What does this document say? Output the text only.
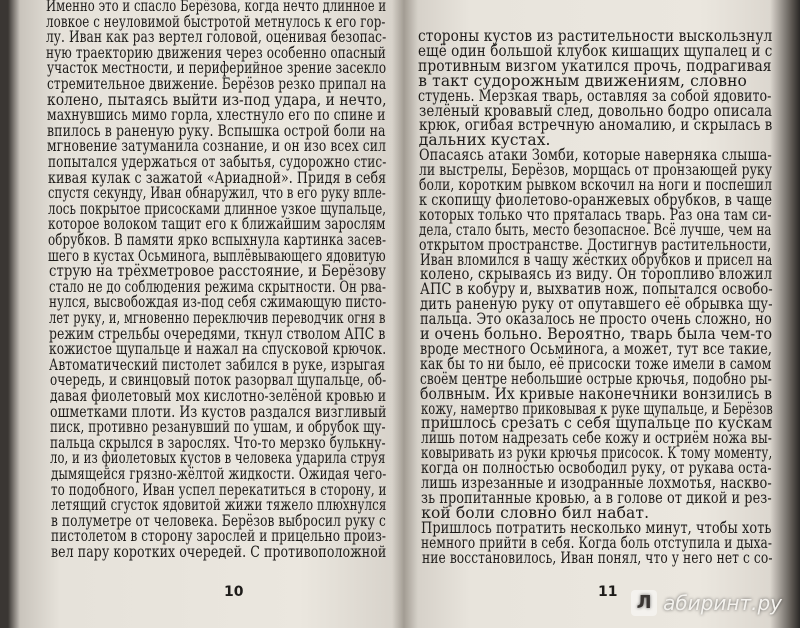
Именно это и спасло Берёзова, когда нечто длинное и
ловкое с неуловимой быстротой метнулось к его гор-
лу. Иван как раз вертел головой, оценивая безопас-
ную траекторию движения через особенно опасный
участок местности, и периферийное зрение засекло
стремительное движение. Берёзов резко припал на
колено, пытаясь выйти из-под удара, и нечто,
махнувшись мимо горла, хлестнуло его по спине и
впилось в раненую руку. Вспышка острой боли на
мгновение затуманила сознание, и он изо всех сил
попытался удержаться от забытья, судорожно стис-
кивая кулак с зажатой «Ариадной». Придя в себя
спустя секунду, Иван обнаружил, что в его руку впле-
лось покрытое присосками длинное узкое щупальце,
которое волоком тащит его к ближайшим зарослям
обрубков. В памяти ярко вспыхнула картинка засев-
шего в кустах Осьминога, выплёвывающего ядовитую
струю на трёхметровое расстояние, и Берёзову
стало не до соблюдения режима скрытности. Он рва-
нулся, высвобождая из-под себя сжимающую писто-
лет руку, и, мгновенно переключив переводчик огня в
режим стрельбы очередями, ткнул стволом АПС в
кожистое щупальце и нажал на спусковой крючок.
Автоматический пистолет забился в руке, изрыгая
очередь, и свинцовый поток разорвал щупальце, об-
давая фиолетовый мох кислотно-зелёной кровью и
ошметками плоти. Из кустов раздался визгливый
писк, противно резанувший по ушам, и обрубок щу-
пальца скрылся в зарослях. Что-то мерзко булькну-
ло, и из фиолетовых кустов в человека ударила струя
дымящейся грязно-жёлтой жидкости. Ожидая чего-
то подобного, Иван успел перекатиться в сторону, и
летящий сгусток ядовитой жижи тяжело плюхнулся
в полуметре от человека. Берёзов выбросил руку с
пистолетом в сторону зарослей и прицельно произ-
вел пару коротких очередей. С противоположной
стороны кустов из растительности выскользнул
ещё один большой клубок кишащих щупалец и с
противным визгом укатился прочь, подрагивая
в такт судорожным движениям, словно
студень. Мерзкая тварь, оставляя за собой ядовито-
зелёный кровавый след, довольно бодро описала
крюк, огибая встречную аномалию, и скрылась в
дальних кустах.
Опасаясь атаки Зомби, которые наверняка слыша-
ли выстрелы, Берёзов, морщась от пронзающей руку
боли, коротким рывком вскочил на ноги и поспешил
к скопищу фиолетово-оранжевых обрубков, в чаще
которых только что пряталась тварь. Раз она там си-
дела, стало быть, место безопасное. Всё лучше, чем на
открытом пространстве. Достигнув растительности,
Иван вломился в чащу жёстких обрубков и присел на
колено, скрываясь из виду. Он торопливо вложил
АПС в кобуру и, выхватив нож, попытался освобо-
дить раненую руку от опутавшего её обрывка щу-
пальца. Это оказалось не просто очень сложно, но
и очень больно. Вероятно, тварь была чем-то
вроде местного Осьминога, а может, тут все такие,
как бы то ни было, её присоски тоже имели в самом
своём центре небольшие острые крючья, подобно ры-
болвным. Их кривые наконечники вонзились в
кожу, намертво приковывая к руке щупальце, и Берёзов
пришлось срезать с себя щупальце по кускам
лишь потом надрезать себе кожу и остриём ножа вы-
ковыривать из руки крючья присосок. К тому моменту,
когда он полностью освободил руку, от рукава оста-
лишь изрезанные и изодранные лохмотья, наскво-
зь пропитанные кровью, а в голове от дикой и рез-
кой боли словно бил набат.
Пришлось потратить несколько минут, чтобы хоть
немного прийти в себя. Когда боль отступила и дыха-
ние восстановилось, Иван понял, что у него нет с со-
10	11	Л абиринт.ру
